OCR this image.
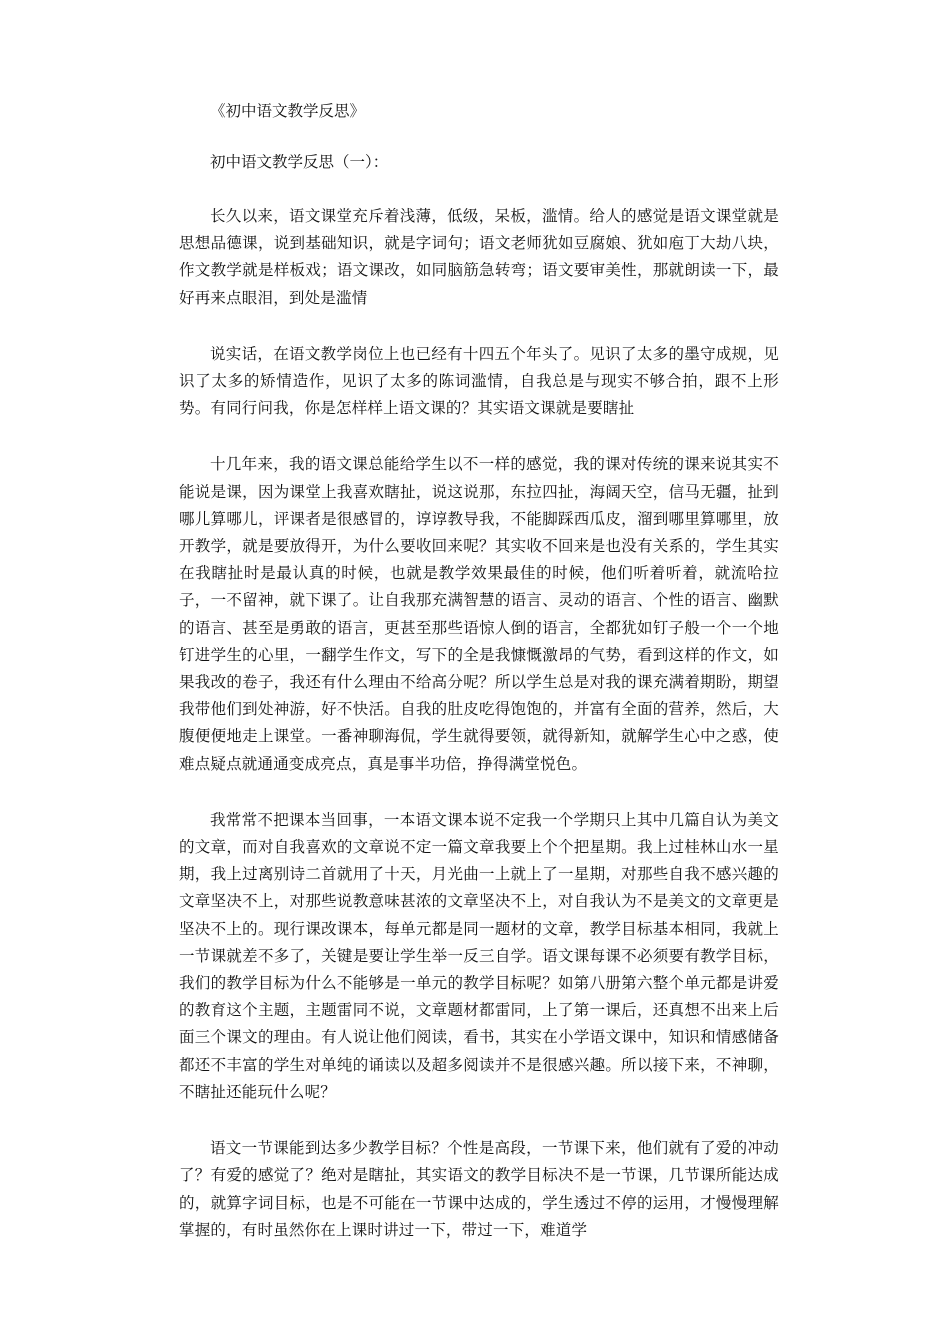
《初中语文教学反思》

初中语文教学反思（一）：

长久以来，语文课堂充斥着浅薄，低级，呆板，滥情。给人的感觉是语文课堂就是思想品德课，说到基础知识，就是字词句；语文老师犹如豆腐娘、犹如庖丁大劫八块，作文教学就是样板戏；语文课改，如同脑筋急转弯；语文要审美性，那就朗读一下，最好再来点眼泪，到处是滥情

说实话，在语文教学岗位上也已经有十四五个年头了。见识了太多的墨守成规，见识了太多的矫情造作，见识了太多的陈词滥情，自我总是与现实不够合拍，跟不上形势。有同行问我，你是怎样样上语文课的？其实语文课就是要瞎扯

十几年来，我的语文课总能给学生以不一样的感觉，我的课对传统的课来说其实不能说是课，因为课堂上我喜欢瞎扯，说这说那，东拉四扯，海阔天空，信马无疆，扯到哪儿算哪儿，评课者是很感冒的，谆谆教导我，不能脚踩西瓜皮，溜到哪里算哪里，放开教学，就是要放得开，为什么要收回来呢？其实收不回来是也没有关系的，学生其实在我瞎扯时是最认真的时候，也就是教学效果最佳的时候，他们听着听着，就流哈拉子，一不留神，就下课了。让自我那充满智慧的语言、灵动的语言、个性的语言、幽默的语言、甚至是勇敢的语言，更甚至那些语惊人倒的语言，全都犹如钉子般一个一个地钉进学生的心里，一翻学生作文，写下的全是我慷慨激昂的气势，看到这样的作文，如果我改的卷子，我还有什么理由不给高分呢？所以学生总是对我的课充满着期盼，期望我带他们到处神游，好不快活。自我的肚皮吃得饱饱的，并富有全面的营养，然后，大腹便便地走上课堂。一番神聊海侃，学生就得要领，就得新知，就解学生心中之惑，使难点疑点就通通变成亮点，真是事半功倍，挣得满堂悦色。

我常常不把课本当回事，一本语文课本说不定我一个学期只上其中几篇自认为美文的文章，而对自我喜欢的文章说不定一篇文章我要上个个把星期。我上过桂林山水一星期，我上过离别诗二首就用了十天，月光曲一上就上了一星期，对那些自我不感兴趣的文章坚决不上，对那些说教意味甚浓的文章坚决不上，对自我认为不是美文的文章更是坚决不上的。现行课改课本，每单元都是同一题材的文章，教学目标基本相同，我就上一节课就差不多了，关键是要让学生举一反三自学。语文课每课不必须要有教学目标，我们的教学目标为什么不能够是一单元的教学目标呢？如第八册第六整个单元都是讲爱的教育这个主题，主题雷同不说，文章题材都雷同，上了第一课后，还真想不出来上后面三个课文的理由。有人说让他们阅读，看书，其实在小学语文课中，知识和情感储备都还不丰富的学生对单纯的诵读以及超多阅读并不是很感兴趣。所以接下来，不神聊，不瞎扯还能玩什么呢？

语文一节课能到达多少教学目标？个性是高段，一节课下来，他们就有了爱的冲动了？有爱的感觉了？绝对是瞎扯，其实语文的教学目标决不是一节课，几节课所能达成的，就算字词目标，也是不可能在一节课中达成的，学生透过不停的运用，才慢慢理解掌握的，有时虽然你在上课时讲过一下，带过一下，难道学
